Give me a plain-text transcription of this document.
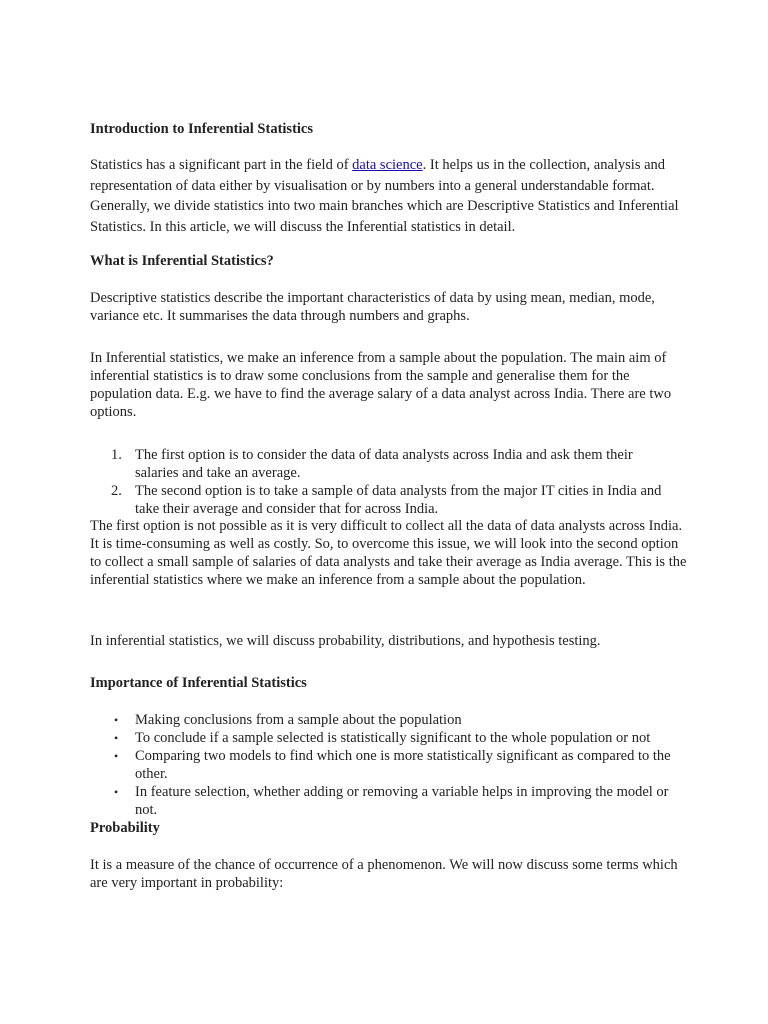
Introduction to Inferential Statistics
Statistics has a significant part in the field of data science. It helps us in the collection, analysis and representation of data either by visualisation or by numbers into a general understandable format. Generally, we divide statistics into two main branches which are Descriptive Statistics and Inferential Statistics. In this article, we will discuss the Inferential statistics in detail.
What is Inferential Statistics?
Descriptive statistics describe the important characteristics of data by using mean, median, mode, variance etc. It summarises the data through numbers and graphs.
In Inferential statistics, we make an inference from a sample about the population. The main aim of inferential statistics is to draw some conclusions from the sample and generalise them for the population data. E.g. we have to find the average salary of a data analyst across India. There are two options.
1. The first option is to consider the data of data analysts across India and ask them their salaries and take an average.
2. The second option is to take a sample of data analysts from the major IT cities in India and take their average and consider that for across India.
The first option is not possible as it is very difficult to collect all the data of data analysts across India. It is time-consuming as well as costly. So, to overcome this issue, we will look into the second option to collect a small sample of salaries of data analysts and take their average as India average. This is the inferential statistics where we make an inference from a sample about the population.
In inferential statistics, we will discuss probability, distributions, and hypothesis testing.
Importance of Inferential Statistics
• Making conclusions from a sample about the population
• To conclude if a sample selected is statistically significant to the whole population or not
• Comparing two models to find which one is more statistically significant as compared to the other.
• In feature selection, whether adding or removing a variable helps in improving the model or not.
Probability
It is a measure of the chance of occurrence of a phenomenon. We will now discuss some terms which are very important in probability:
